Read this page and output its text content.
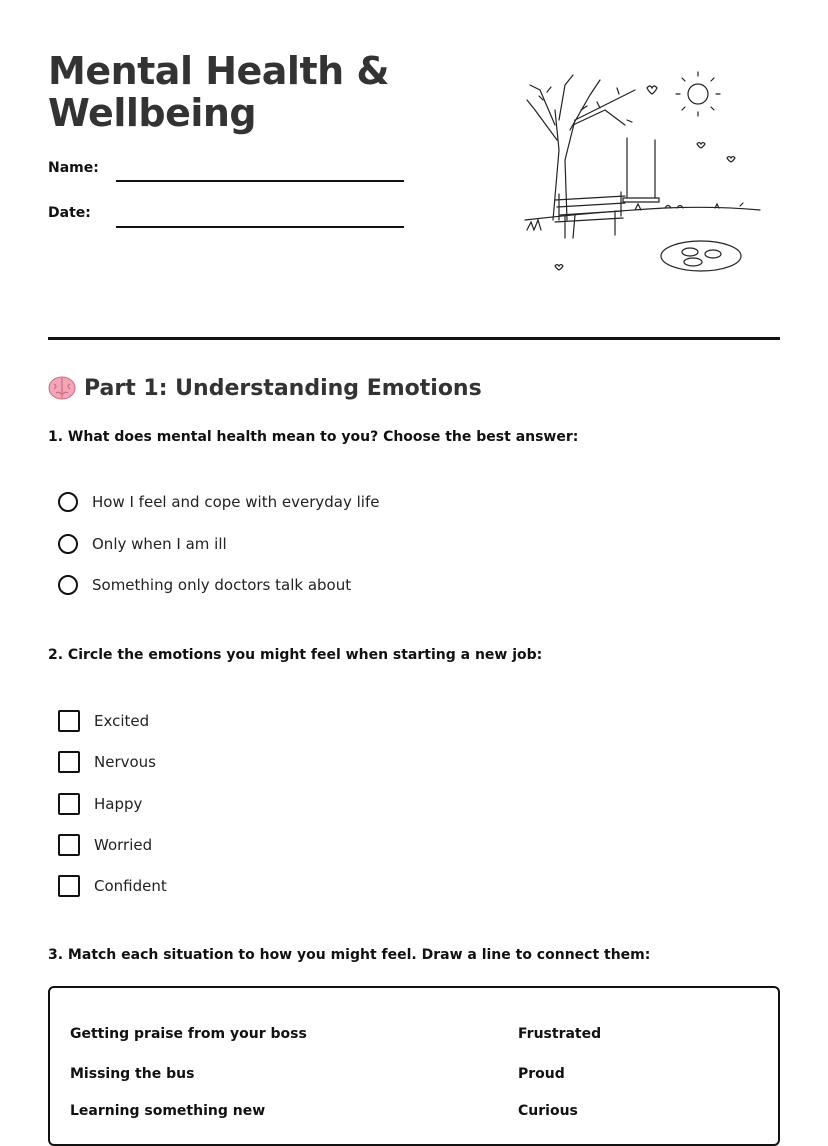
Mental Health &
Wellbeing
Name:
Date:
Part 1: Understanding Emotions
1. What does mental health mean to you? Choose the best answer:
How I feel and cope with everyday life
Only when I am ill
Something only doctors talk about
2. Circle the emotions you might feel when starting a new job:
Excited
Nervous
Happy
Worried
Confident
3. Match each situation to how you might feel. Draw a line to connect them:
Getting praise from your boss	Frustrated
Missing the bus	Proud
Learning something new	Curious
